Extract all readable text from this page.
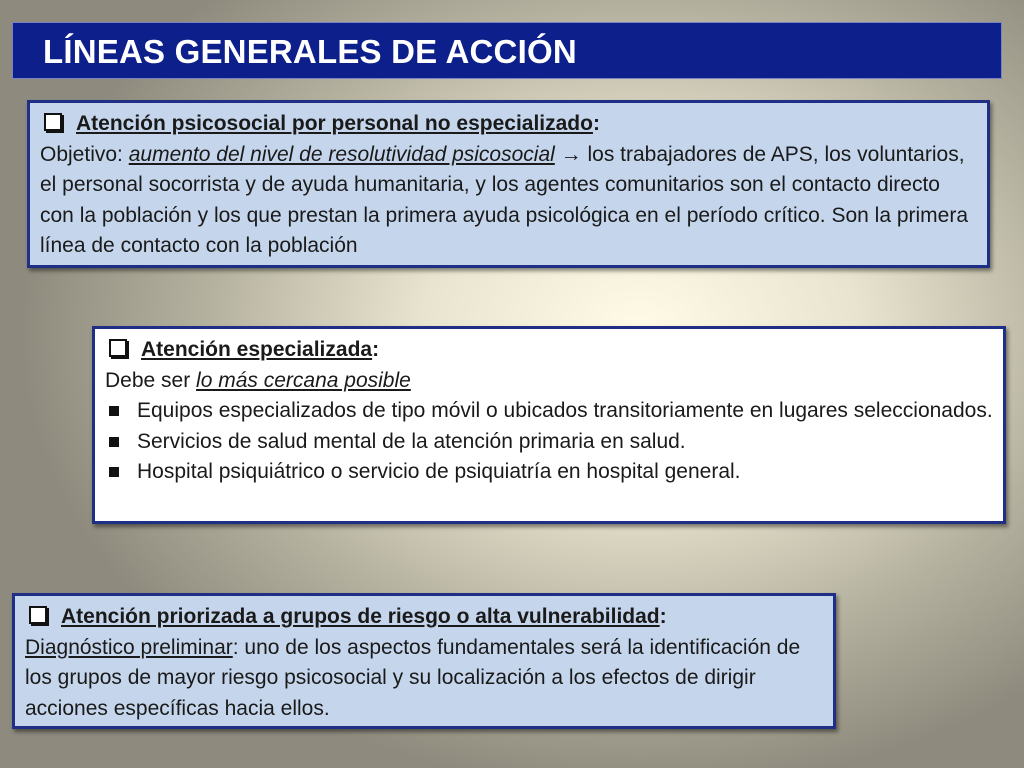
LÍNEAS GENERALES DE ACCIÓN
Atención psicosocial por personal no especializado :
Objetivo: aumento del nivel de resolutividad psicosocial → los trabajadores de APS, los voluntarios, el personal socorrista y de ayuda humanitaria, y los agentes comunitarios son el contacto directo con la población y los que prestan la primera ayuda psicológica en el período crítico. Son la primera línea de contacto con la población
Atención especializada :
Debe ser lo más cercana posible
Equipos especializados de tipo móvil o ubicados transitoriamente en lugares seleccionados.
Servicios de salud mental de la atención primaria en salud.
Hospital psiquiátrico o servicio de psiquiatría en hospital general.
Atención priorizada a grupos de riesgo o alta vulnerabilidad :
Diagnóstico preliminar: uno de los aspectos fundamentales será la identificación de los grupos de mayor riesgo psicosocial y su localización a los efectos de dirigir acciones específicas hacia ellos.
